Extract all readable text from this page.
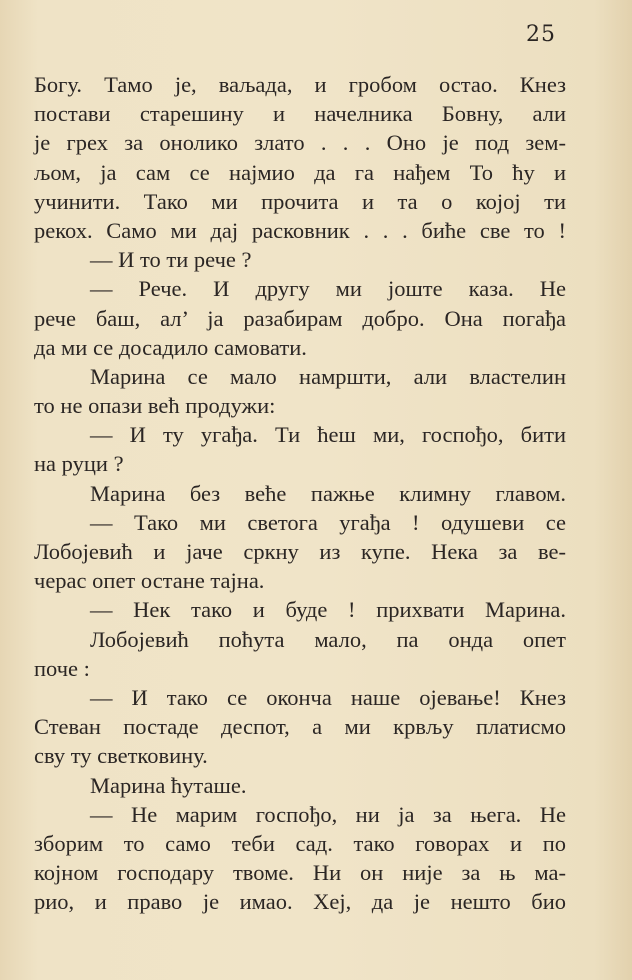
25
Богу. Тамо је, ваљада, и гробом остао. Кнез
постави старешину и начелника Бовну, али
је грех за онолико злато . . . Оно је под зем-
љом, ја сам се најмио да га нађем То ћу и
учинити. Тако ми прочита и та о којој ти
рекох. Само ми дај расковник . . . биће све то !
— И то ти рече ?
— Рече. И другу ми јоште каза. Не
рече баш, ал’ ја разабирам добро. Она погађа
да ми се досадило самовати.
Марина се мало намршти, али властелин
то не опази већ продужи:
— И ту угађа. Ти ћеш ми, госпођо, бити
на руци ?
Марина без веће пажње климну главом.
— Тако ми светога угађа ! одушеви се
Лобојевић и јаче сркну из купе. Нека за ве-
черас опет остане тајна.
— Нек тако и буде ! прихвати Марина.
Лобојевић поћута мало, па онда опет
поче :
— И тако се оконча наше ојевање! Кнез
Стеван постаде деспот, а ми крвљу платисмо
сву ту светковину.
Марина ћуташе.
— Не марим госпођо, ни ја за њега. Не
зборим то само теби сад. тако говорах и по
којном господару твоме. Ни он није за њ ма-
рио, и право је имао. Хеј, да је нешто био
